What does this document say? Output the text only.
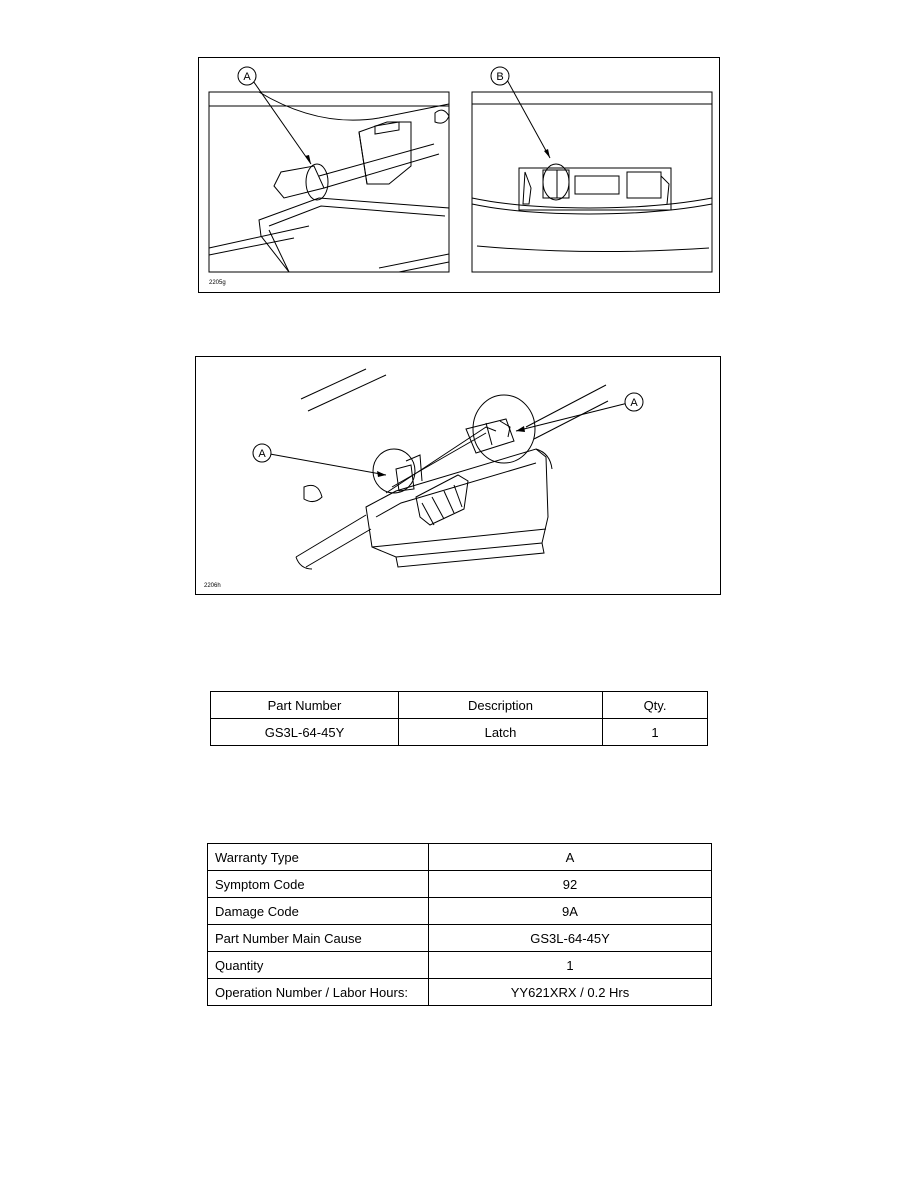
A	B
2205g
A
A
2206h
Part Number	Description	Qty.
GS3L-64-45Y	Latch	1
Warranty Type	A
Symptom Code	92
Damage Code	9A
Part Number Main Cause	GS3L-64-45Y
Quantity	1
Operation Number / Labor Hours:	YY621XRX / 0.2 Hrs
